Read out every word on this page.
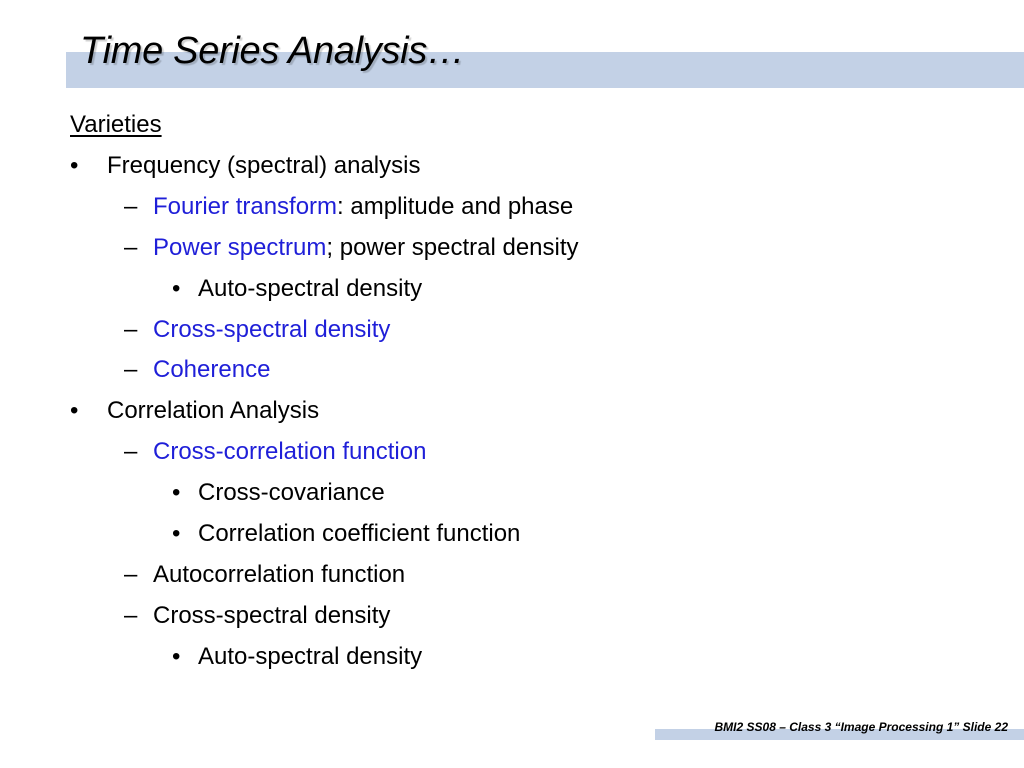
Time Series Analysis…
Varieties
• Frequency (spectral) analysis
– Fourier transform: amplitude and phase
– Power spectrum; power spectral density
• Auto-spectral density
– Cross-spectral density
– Coherence
• Correlation Analysis
– Cross-correlation function
• Cross-covariance
• Correlation coefficient function
– Autocorrelation function
– Cross-spectral density
• Auto-spectral density
BMI2 SS08 – Class 3 “Image Processing 1” Slide 22
